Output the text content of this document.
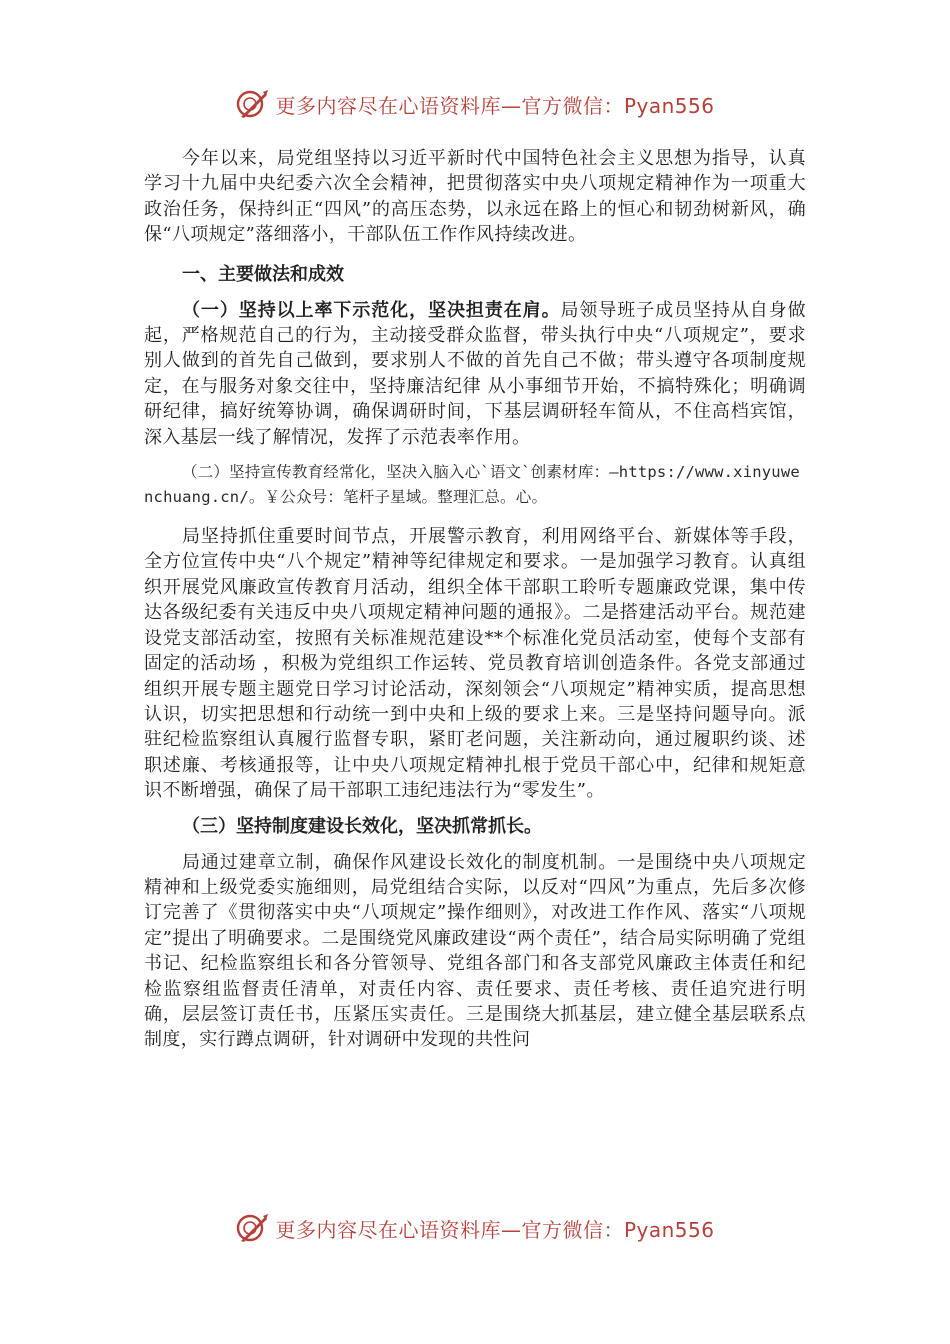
更多内容尽在心语资料库—官方微信：Pyan556

今年以来，局党组坚持以习近平新时代中国特色社会主义思想为指导，认真学习十九届中央纪委六次全会精神，把贯彻落实中央八项规定精神作为一项重大政治任务，保持纠正“四风”的高压态势，以永远在路上的恒心和韧劲树新风，确保“八项规定”落细落小，干部队伍工作作风持续改进。

一、主要做法和成效

（一）坚持以上率下示范化，坚决担责在肩。局领导班子成员坚持从自身做起，严格规范自己的行为，主动接受群众监督，带头执行中央“八项规定”，要求别人做到的首先自己做到，要求别人不做的首先自己不做；带头遵守各项制度规定，在与服务对象交往中，坚持廉洁纪律 从小事细节开始，不搞特殊化；明确调研纪律，搞好统筹协调，确保调研时间，下基层调研轻车简从，不住高档宾馆，深入基层一线了解情况，发挥了示范表率作用。

（二）坚持宣传教育经常化，坚决入脑入心`语文`创素材库：—https://www.xinyuwenchuang.cn/。￥公众号：笔杆子星域。整理汇总。心。

局坚持抓住重要时间节点，开展警示教育，利用网络平台、新媒体等手段，全方位宣传中央“八个规定”精神等纪律规定和要求。一是加强学习教育。认真组织开展党风廉政宣传教育月活动，组织全体干部职工聆听专题廉政党课，集中传达各级纪委有关违反中央八项规定精神问题的通报》。二是搭建活动平台。规范建设党支部活动室，按照有关标准规范建设**个标准化党员活动室，使每个支部有固定的活动场 ，积极为党组织工作运转、党员教育培训创造条件。各党支部通过组织开展专题主题党日学习讨论活动，深刻领会“八项规定”精神实质，提高思想认识，切实把思想和行动统一到中央和上级的要求上来。三是坚持问题导向。派驻纪检监察组认真履行监督专职，紧盯老问题，关注新动向，通过履职约谈、述职述廉、考核通报等，让中央八项规定精神扎根于党员干部心中，纪律和规矩意识不断增强，确保了局干部职工违纪违法行为“零发生”。

（三）坚持制度建设长效化，坚决抓常抓长。

局通过建章立制，确保作风建设长效化的制度机制。一是围绕中央八项规定精神和上级党委实施细则，局党组结合实际，以反对“四风”为重点，先后多次修订完善了《贯彻落实中央“八项规定”操作细则》，对改进工作作风、落实“八项规定”提出了明确要求。二是围绕党风廉政建设“两个责任”，结合局实际明确了党组书记、纪检监察组长和各分管领导、党组各部门和各支部党风廉政主体责任和纪检监察组监督责任清单，对责任内容、责任要求、责任考核、责任追究进行明确，层层签订责任书，压紧压实责任。三是围绕大抓基层，建立健全基层联系点制度，实行蹲点调研，针对调研中发现的共性问

更多内容尽在心语资料库—官方微信：Pyan556
